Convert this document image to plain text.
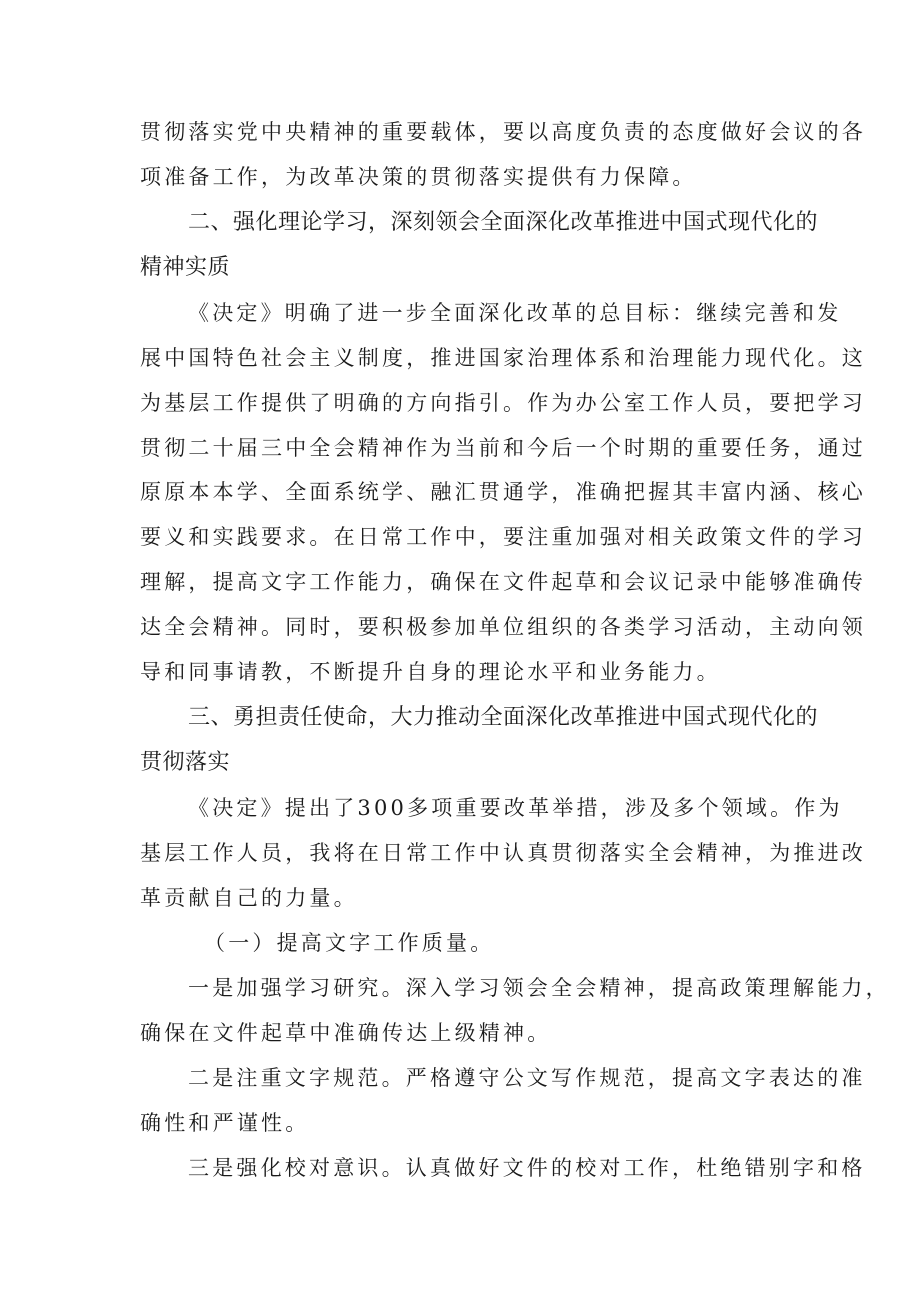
贯彻落实党中央精神的重要载体，要以高度负责的态度做好会议的各
项准备工作，为改革决策的贯彻落实提供有力保障。
二、强化理论学习，深刻领会全面深化改革推进中国式现代化的
精神实质
《决定》明确了进一步全面深化改革的总目标：继续完善和发
展中国特色社会主义制度，推进国家治理体系和治理能力现代化。这
为基层工作提供了明确的方向指引。作为办公室工作人员，要把学习
贯彻二十届三中全会精神作为当前和今后一个时期的重要任务，通过
原原本本学、全面系统学、融汇贯通学，准确把握其丰富内涵、核心
要义和实践要求。在日常工作中，要注重加强对相关政策文件的学习
理解，提高文字工作能力，确保在文件起草和会议记录中能够准确传
达全会精神。同时，要积极参加单位组织的各类学习活动，主动向领
导和同事请教，不断提升自身的理论水平和业务能力。
三、勇担责任使命，大力推动全面深化改革推进中国式现代化的
贯彻落实
《决定》提出了300多项重要改革举措，涉及多个领域。作为
基层工作人员，我将在日常工作中认真贯彻落实全会精神，为推进改
革贡献自己的力量。
（一）提高文字工作质量。
一是加强学习研究。深入学习领会全会精神，提高政策理解能力，
确保在文件起草中准确传达上级精神。
二是注重文字规范。严格遵守公文写作规范，提高文字表达的准
确性和严谨性。
三是强化校对意识。认真做好文件的校对工作，杜绝错别字和格
